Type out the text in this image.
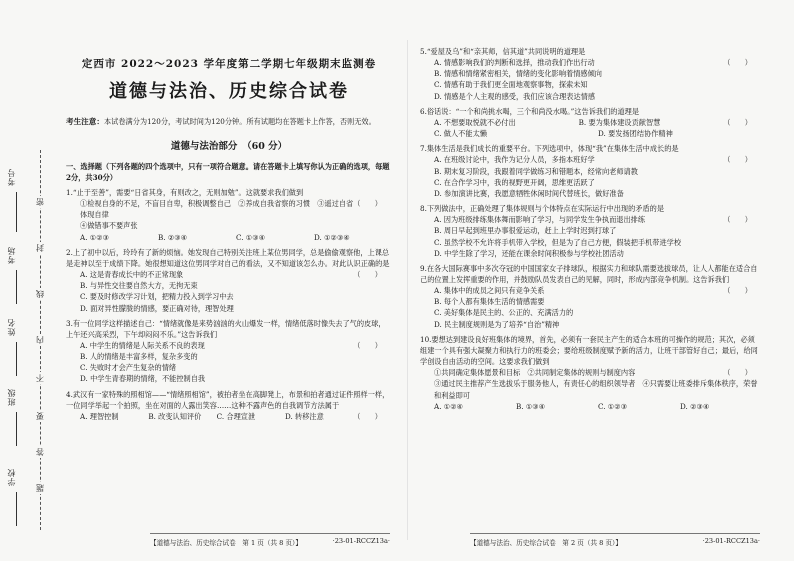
考号
考场
姓名
班级
学校
密
封
线
内
不
要
答
题
定西市 2022～2023 学年度第二学期七年级期末监测卷
道德与法治、历史综合试卷
考生注意：本试卷满分为120分，考试时间为120分钟。所有试题均在答题卡上作答，否则无效。
道德与法治部分　（60 分）
一、选择题（下列各题的四个选项中，只有一项符合题意。请在答题卡上填写你认为正确的选项，每题2分，共30分）
1.“止于至善”，需要“日省其身，有则改之，无则加勉”。这就要求我们做到
（　　）
①检视自身的不足，不盲目自卑，积极调整自己　 ②养成自我省察的习惯　 ③遥过自省体现自律
④做错事不要声张
A. ①②③	B. ②③④	C. ①③④	D. ①②③④
2.上了初中以后，玲玲有了新的烦恼。她发现自己特别关注班上某位男同学，总是偷偷观察他，上课总是走神以至于成绩下降。她很想知道这位男同学对自己的看法，又不知道该怎么办。对此认识正确的是
（　　）
A. 这是青春成长中的不正常现象
B. 与异性交往要自然大方，无拘无束
C. 要及时修改学习计划，把精力投入到学习中去
D. 面对异性朦胧的情感，要正确对待，理智处理
3.有一位同学这样描述自己：“情绪就像是来势汹汹的火山爆发一样，情绪低落时像失去了气的皮球，上午还兴高采烈，下午却闷闷不乐。”这告诉我们
（　　）
A. 中学生的情绪是人际关系不良的表现
B. 人的情绪是丰富多样，复杂多变的
C. 失败时才会产生复杂的情绪
D. 中学生青春期的情绪，不能控制自我
4.武汉有一家特殊的照相馆——“情绪照相馆”，被拍者坐在高脚凳上，布景和拍者通过证件照样一样，一位同学举起一个拍照，坐在对面的人露出笑容……这种不露声色的自我调节方法属于
（　　）
A. 理智控制	B. 改变认知评价	C. 合理宣泄	D. 转移注意
5.“爱屋及乌”和“亲其师，信其道”共同说明的道理是
（　　）
A. 情感影响我们的判断和选择，推动我们作出行动
B. 情感和情绪紧密相关，情绪的变化影响着情感倾向
C. 情感有助于我们更全面地观察事物，探索未知
D. 情感是个人主观的感受，我们应该合理表达情感
6.俗话说：“一个和尚挑水喝，三个和尚没水喝。”这告诉我们的道理是
（　　）
A. 不想要取悦就不必付出	B. 要为集体建设贡献智慧
C. 做人不能太懒	D. 要发扬团结协作精神
7.集体生活是我们成长的重要平台。下列选项中，体现“我”在集体生活中成长的是
（　　）
A. 在班级讨论中，我作为记分人员，多指本班好学
B. 期末复习阶段，我跟着同学做练习和错题本，经常向老师请教
C. 在合作学习中，我的视野更开阔，思维更活跃了
D. 参加演讲比赛，我愿意牺牲休闲时间代替班长，做好准备
8.下列做法中，正确处理了集体规则与个体特点在实际运行中出现的矛盾的是
（　　）
A. 因为班级排练集体舞而影响了学习，与同学发生争执而退出排练
B. 周日早起到班里办事很爱运动，赶上上学时迟到打球了
C. 虽然学校不允许将手机带入学校，但是为了自己方便，假装把手机带进学校
D. 中学生除了学习，还能在课余时间积极参与学校社团活动
9.在各大国际赛事中多次夺冠的中国国家女子排球队，根据实力和球队需要选拔球员，让人人都能在适合自己的位置上发挥重要的作用，并鼓励队员发表自己的见解，同时，形成内部竞争机制。这告诉我们
（　　）
A. 集体中的成员之间只有竞争关系
B. 每个人都有集体生活的情感需要
C. 美好集体是民主的、公正的、充满活力的
D. 民主制度规则是为了培养“自治”精神
10.要想达到建设良好班集体的境界，首先，必须有一套民主产生的适合本班的可操作的规范；其次，必须组建一个具有强大凝聚力和执行力的班委会；要给班级制度赋予新的活力，让班干部管好自己；最后，给同学创设自由活动的空间。这要求我们做到
（　　）
①共同确定集体愿景和目标　 ②共同制定集体的规则与制度内容
③通过民主推荐产生选拔乐于服务他人，有责任心的组织领导者　 ④只需要让班委排斥集体秩序，荣誉和利益即可
A. ①②④	B. ①③④	C. ①②③	D. ②③④
【道德与法治、历史综合试卷　第 1 页（共 8 页）】	·23-01-RCCZ13a·	【道德与法治、历史综合试卷　第 2 页（共 8 页）】	·23-01-RCCZ13a·
